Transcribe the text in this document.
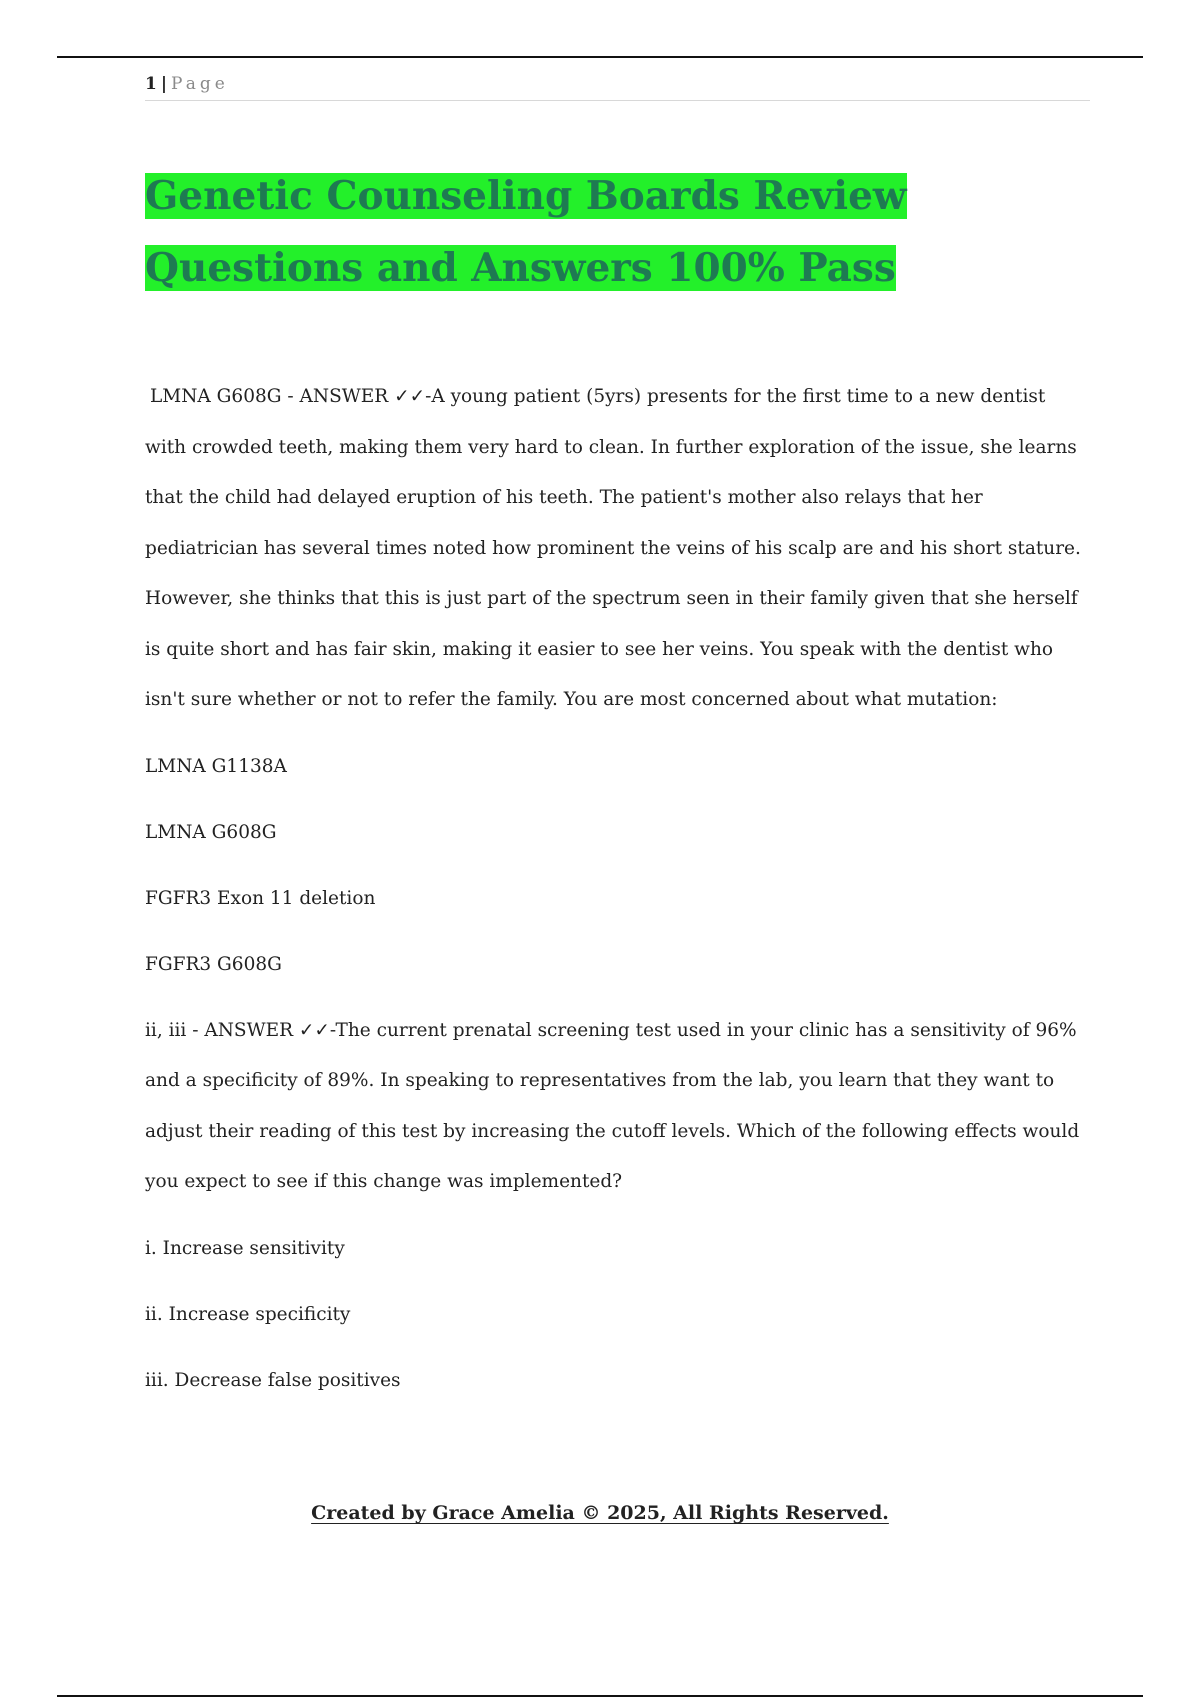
1 | Page
Genetic Counseling Boards Review Questions and Answers 100% Pass

LMNA G608G - ANSWER ✓✓-A young patient (5yrs) presents for the first time to a new dentist with crowded teeth, making them very hard to clean. In further exploration of the issue, she learns that the child had delayed eruption of his teeth. The patient's mother also relays that her pediatrician has several times noted how prominent the veins of his scalp are and his short stature. However, she thinks that this is just part of the spectrum seen in their family given that she herself is quite short and has fair skin, making it easier to see her veins. You speak with the dentist who isn't sure whether or not to refer the family. You are most concerned about what mutation:

LMNA G1138A

LMNA G608G

FGFR3 Exon 11 deletion

FGFR3 G608G

ii, iii - ANSWER ✓✓-The current prenatal screening test used in your clinic has a sensitivity of 96% and a specificity of 89%. In speaking to representatives from the lab, you learn that they want to adjust their reading of this test by increasing the cutoff levels. Which of the following effects would you expect to see if this change was implemented?

i. Increase sensitivity

ii. Increase specificity

iii. Decrease false positives

Created by Grace Amelia © 2025, All Rights Reserved.
